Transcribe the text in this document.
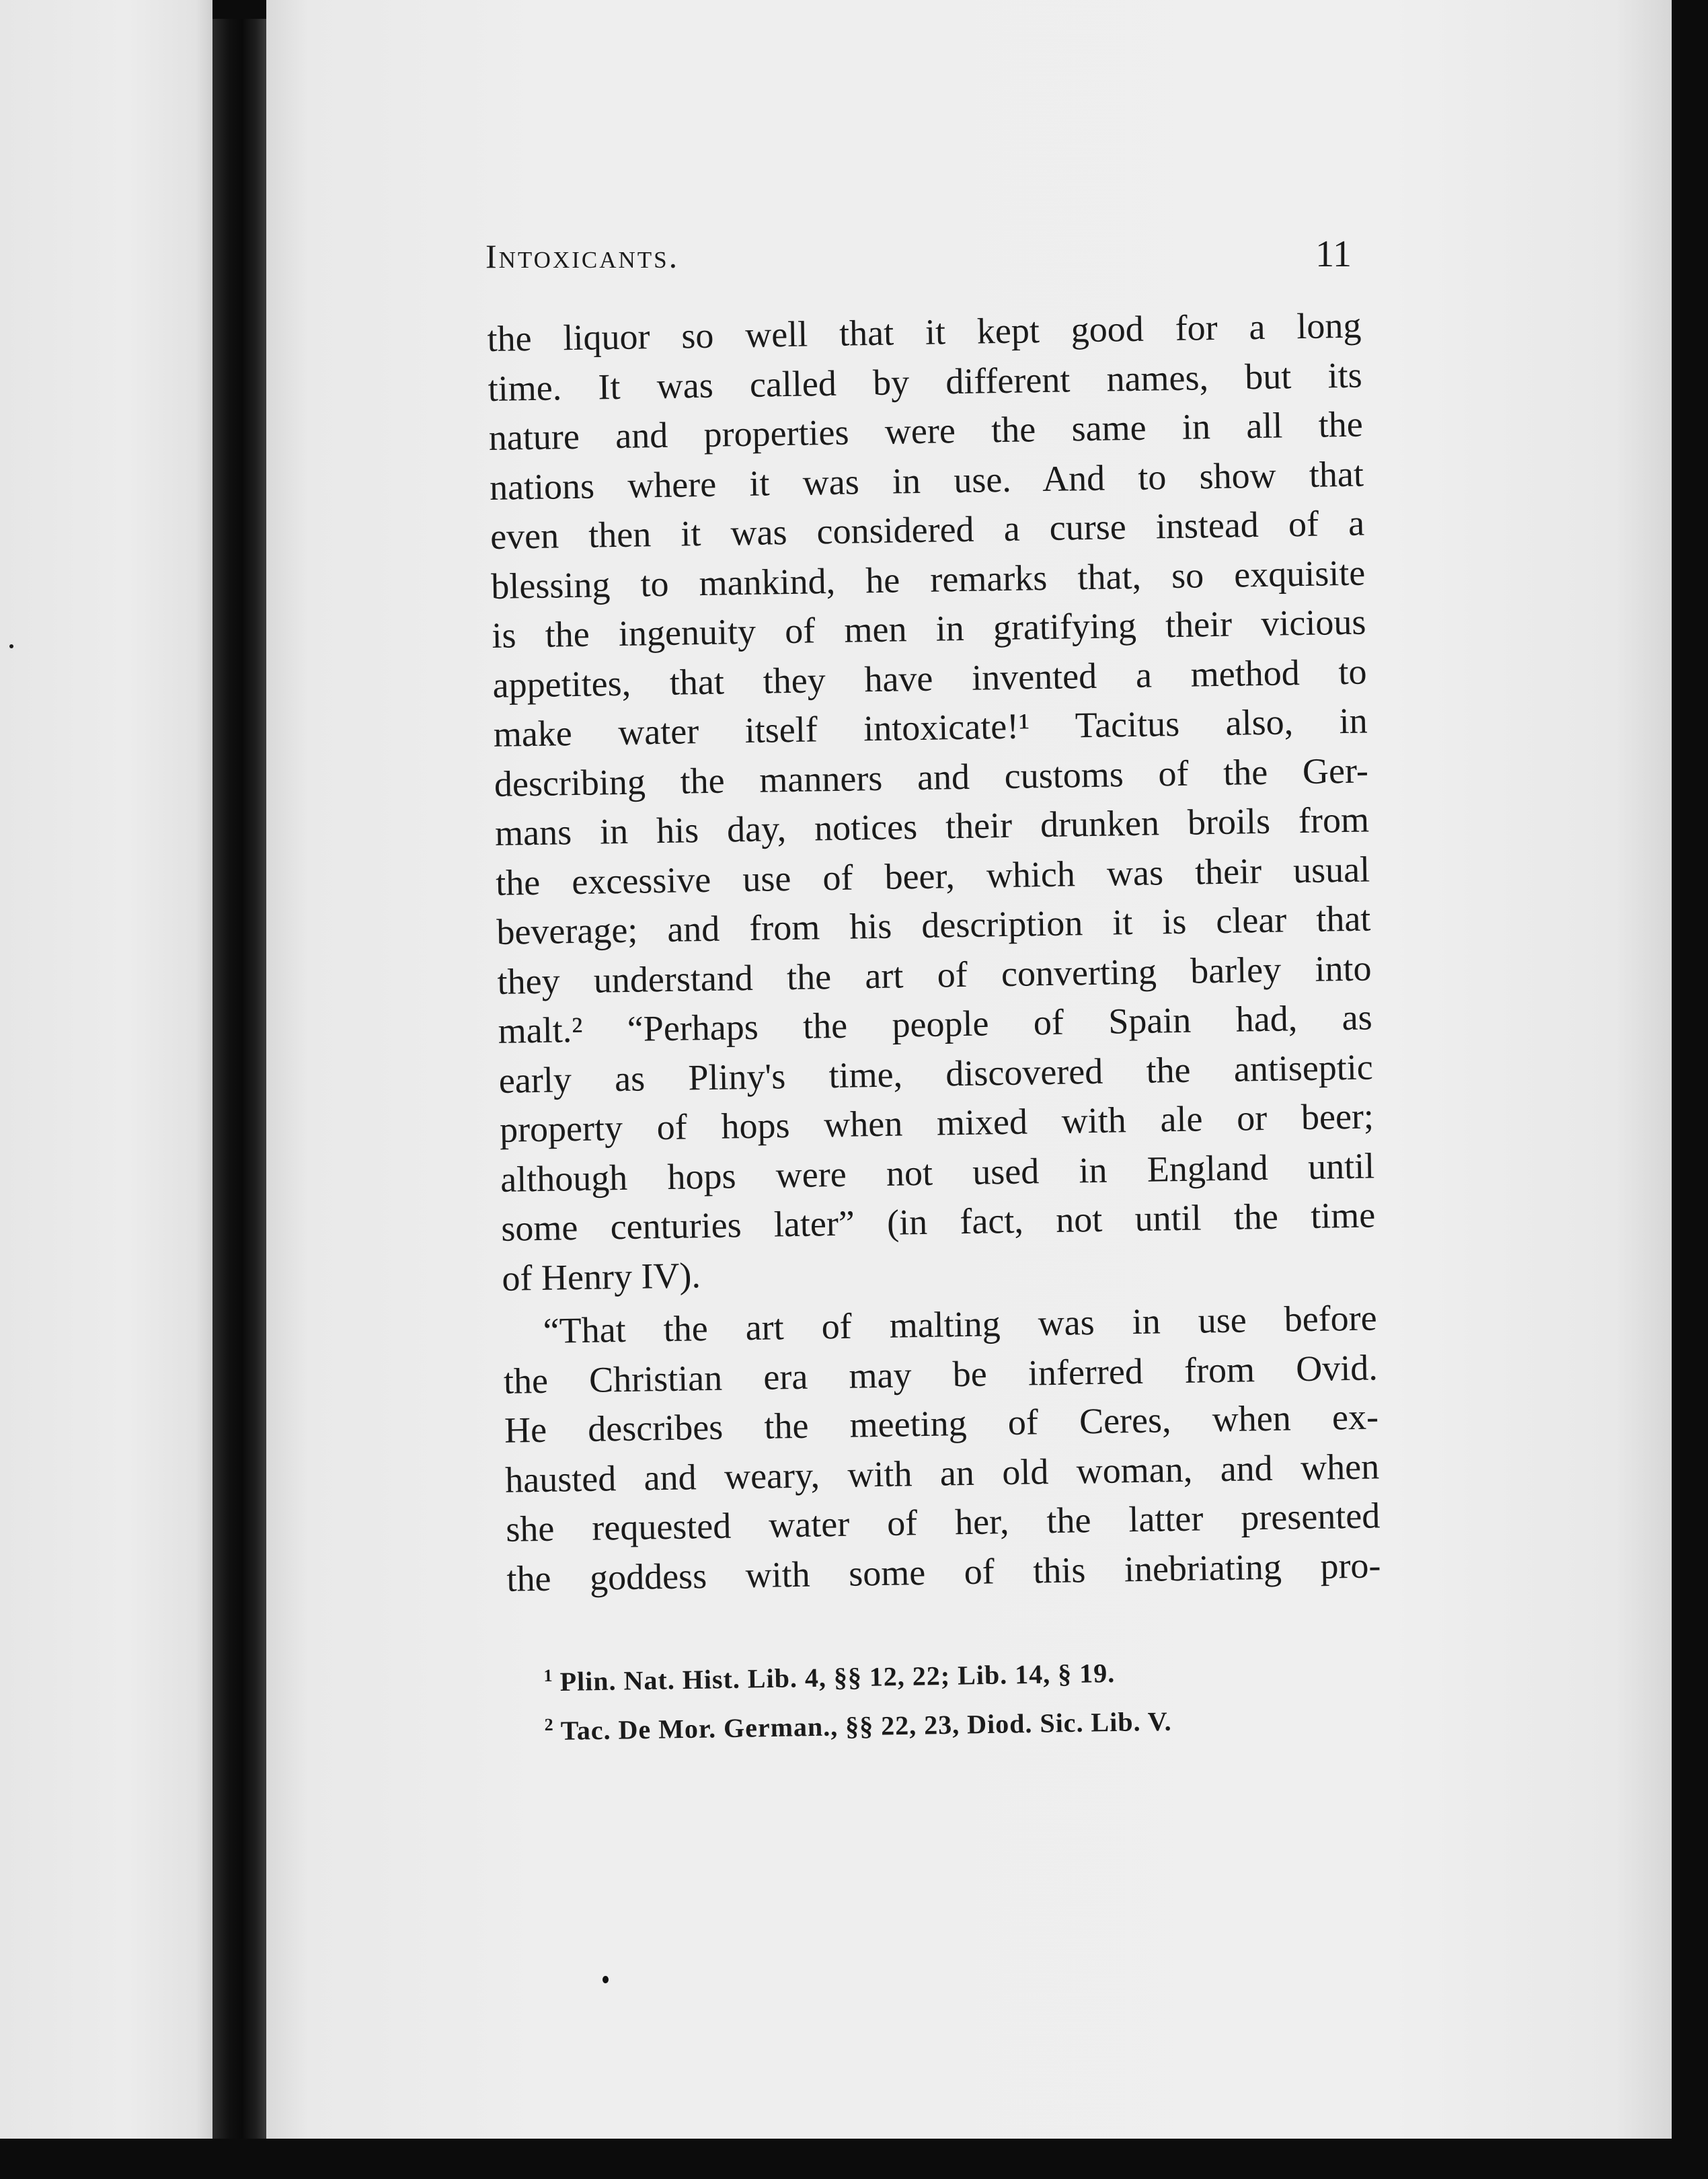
Intoxicants.	11
the liquor so well that it kept good for a long
time. It was called by different names, but its
nature and properties were the same in all the
nations where it was in use. And to show that
even then it was considered a curse instead of a
blessing to mankind, he remarks that, so exquisite
is the ingenuity of men in gratifying their vicious
appetites, that they have invented a method to
make water itself intoxicate!¹ Tacitus also, in
describing the manners and customs of the Ger-
mans in his day, notices their drunken broils from
the excessive use of beer, which was their usual
beverage; and from his description it is clear that
they understand the art of converting barley into
malt.² “Perhaps the people of Spain had, as
early as Pliny's time, discovered the antiseptic
property of hops when mixed with ale or beer;
although hops were not used in England until
some centuries later” (in fact, not until the time
of Henry IV).
“That the art of malting was in use before
the Christian era may be inferred from Ovid.
He describes the meeting of Ceres, when ex-
hausted and weary, with an old woman, and when
she requested water of her, the latter presented
the goddess with some of this inebriating pro-
$^1$ Plin. Nat. Hist. Lib. 4, §§ 12, 22; Lib. 14, § 19.
$^2$ Tac. De Mor. German., §§ 22, 23, Diod. Sic. Lib. V.
